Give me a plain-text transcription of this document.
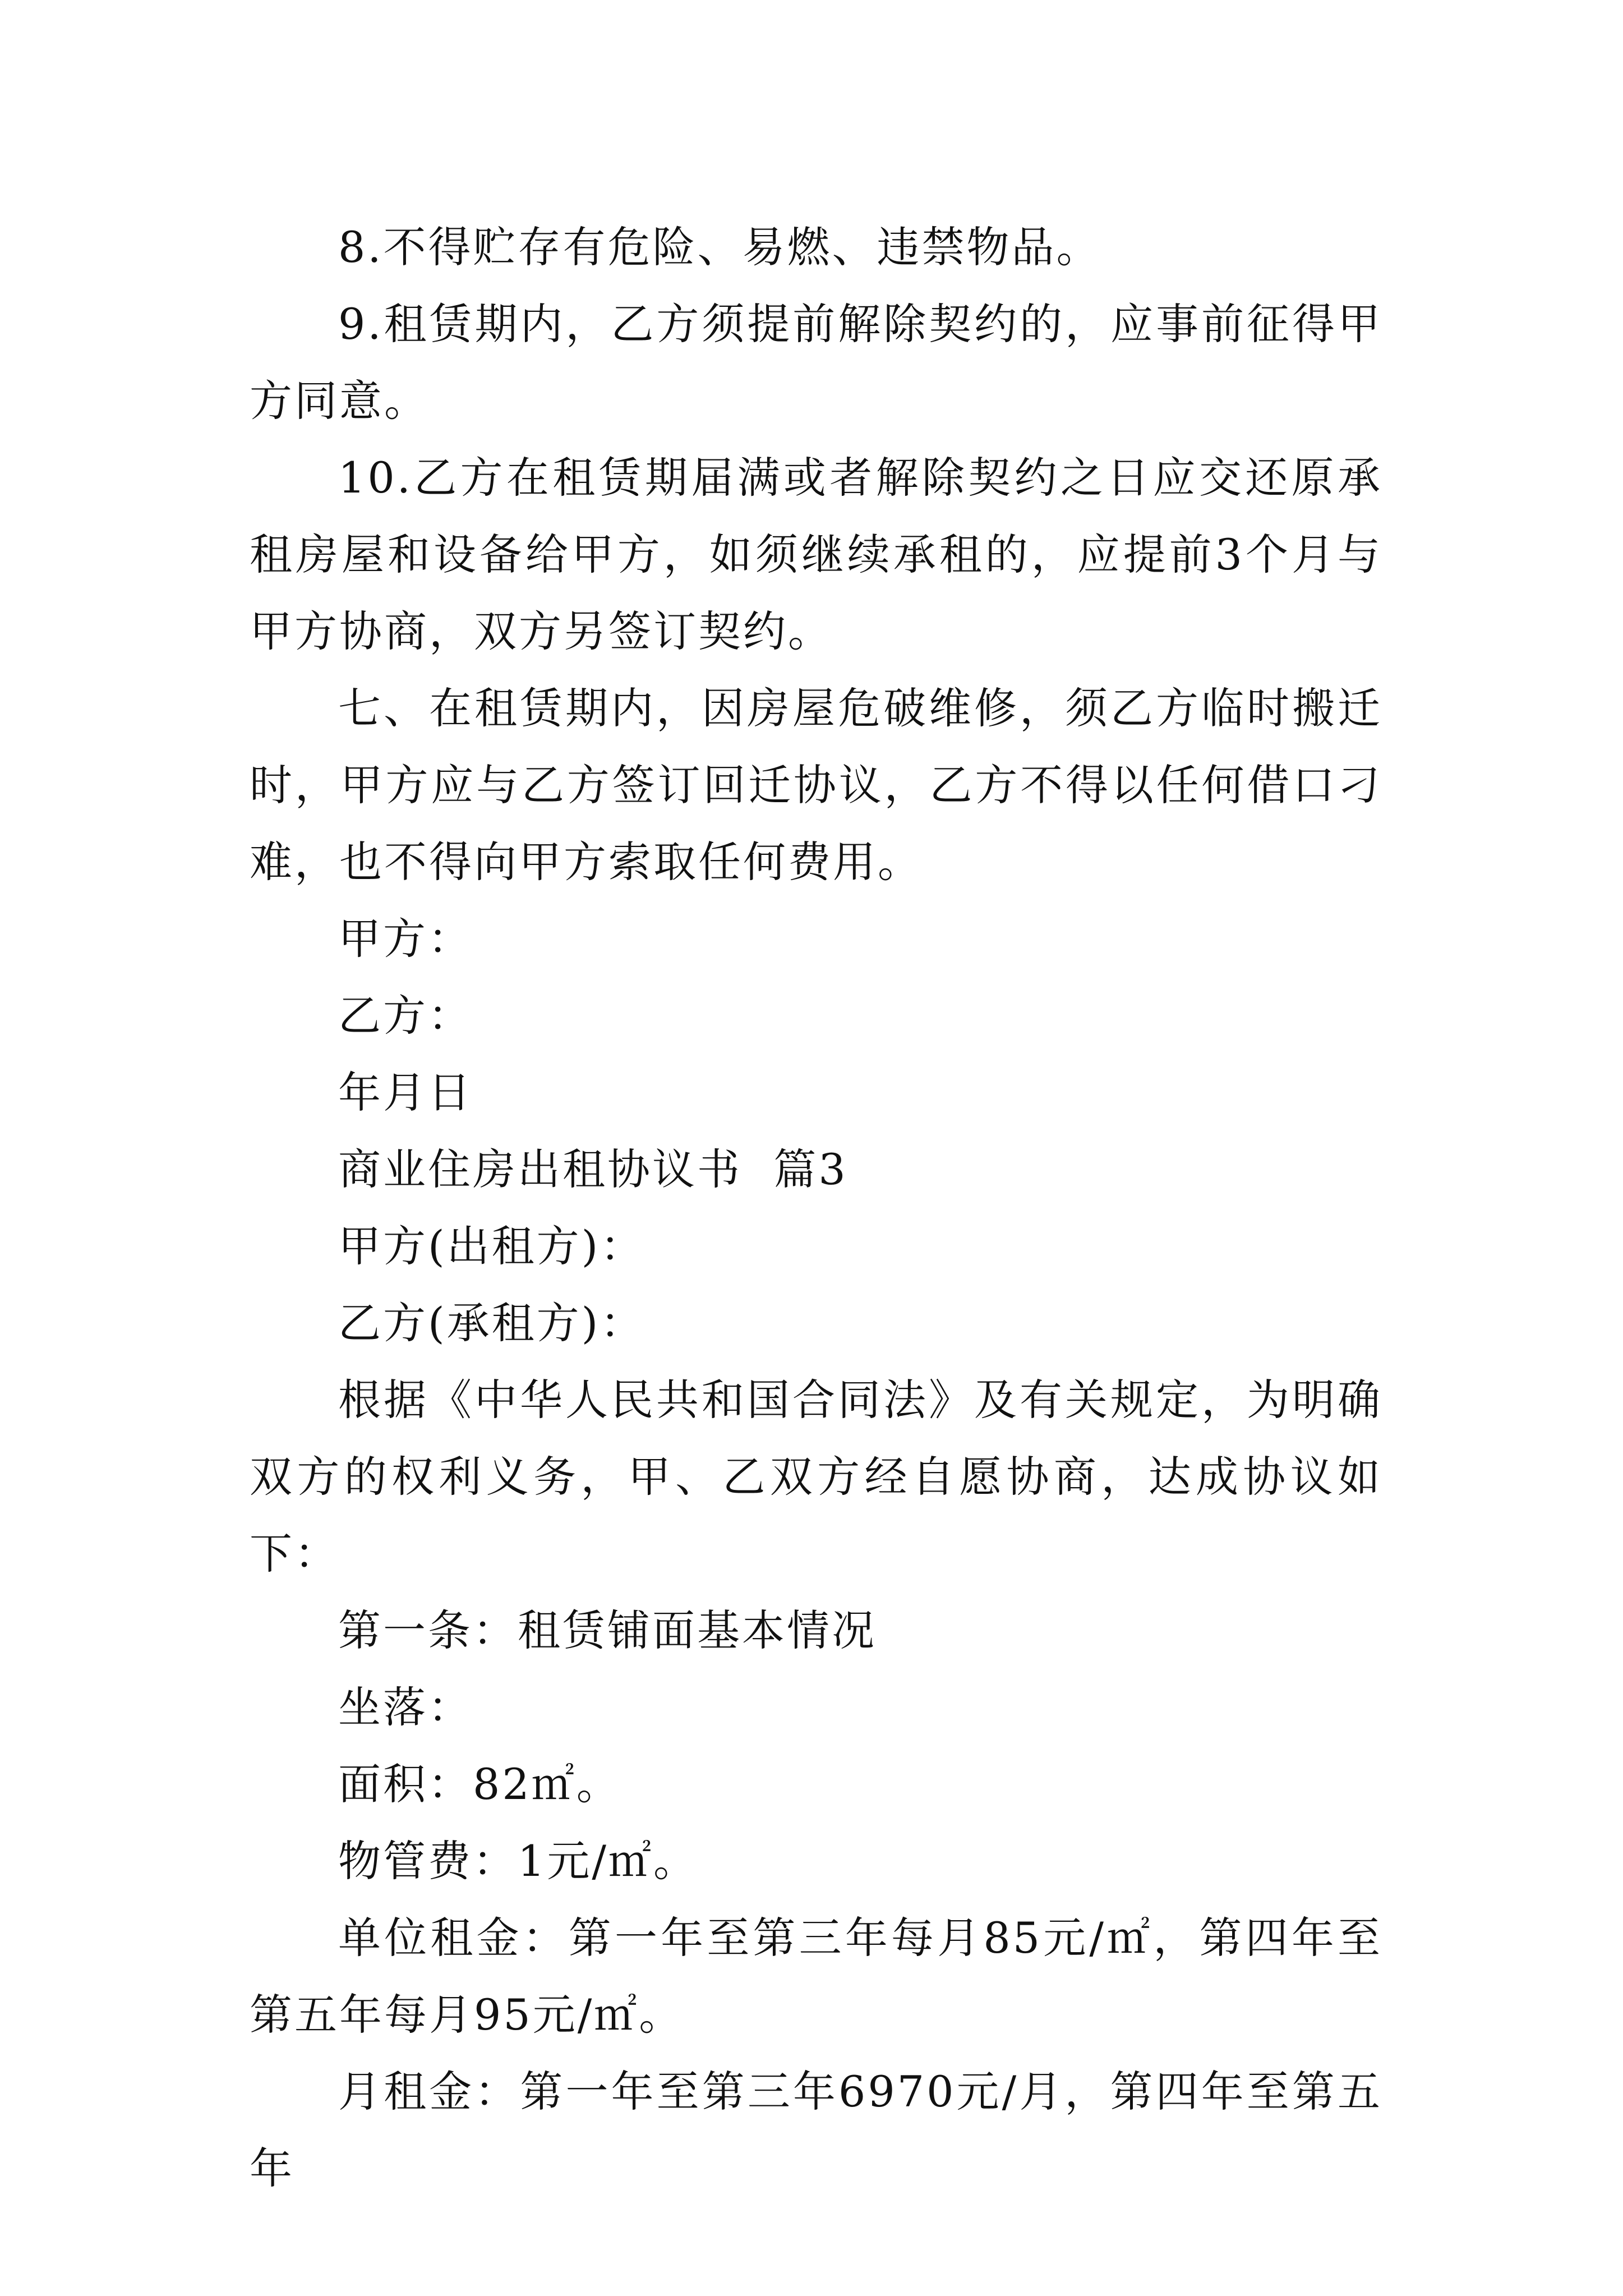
8.不得贮存有危险、易燃、违禁物品。

9.租赁期内，乙方须提前解除契约的，应事前征得甲方同意。

10.乙方在租赁期届满或者解除契约之日应交还原承租房屋和设备给甲方，如须继续承租的，应提前3个月与甲方协商，双方另签订契约。

七、在租赁期内，因房屋危破维修，须乙方临时搬迁时，甲方应与乙方签订回迁协议，乙方不得以任何借口刁难，也不得向甲方索取任何费用。

甲方：

乙方：

年月日

商业住房出租协议书  篇3

甲方(出租方)：

乙方(承租方)：

根据《中华人民共和国合同法》及有关规定，为明确双方的权利义务，甲、乙双方经自愿协商，达成协议如下：

第一条：租赁铺面基本情况

坐落：

面积：82㎡。

物管费：1元/㎡。

单位租金：第一年至第三年每月85元/㎡，第四年至第五年每月95元/㎡。

月租金：第一年至第三年6970元/月，第四年至第五年
